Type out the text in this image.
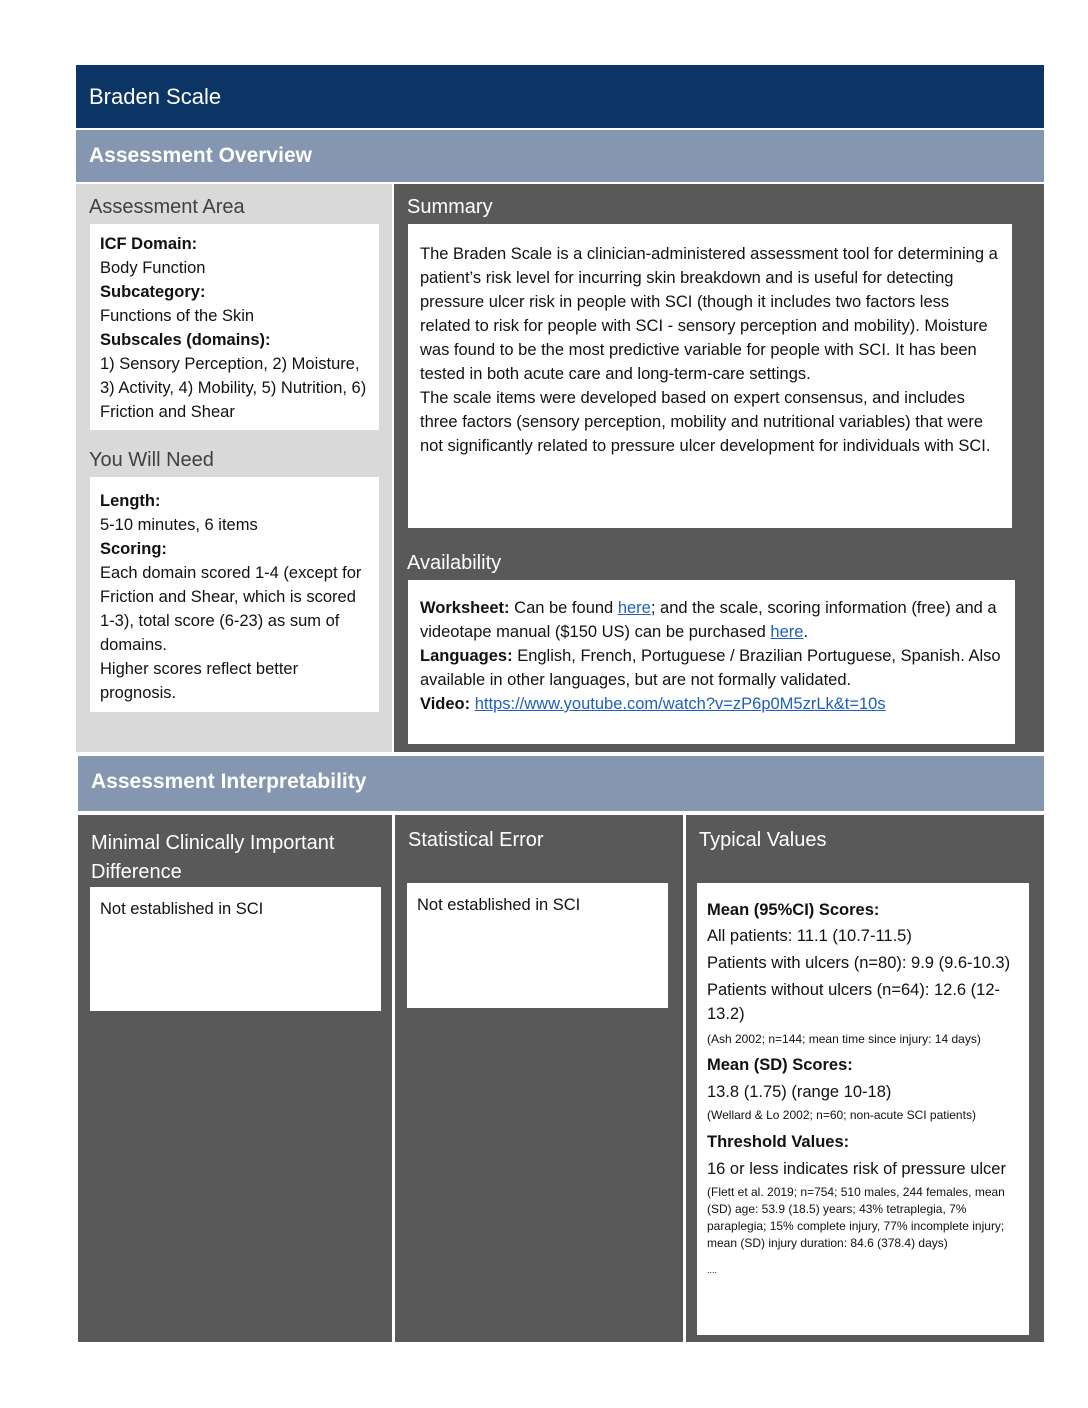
Braden Scale
Assessment Overview
Assessment Area

ICF Domain:

Body Function

Subcategory:

Functions of the Skin

Subscales (domains):

1) Sensory Perception, 2) Moisture, 3) Activity, 4) Mobility, 5) Nutrition, 6) Friction and Shear

You Will Need

Length:

5-10 minutes, 6 items

Scoring:

Each domain scored 1-4 (except for Friction and Shear, which is scored 1-3), total score (6-23) as sum of domains.

Higher scores reflect better prognosis.

Summary

The Braden Scale is a clinician-administered assessment tool for determining a patient’s risk level for incurring skin breakdown and is useful for detecting pressure ulcer risk in people with SCI (though it includes two factors less related to risk for people with SCI - sensory perception and mobility). Moisture was found to be the most predictive variable for people with SCI. It has been tested in both acute care and long-term-care settings.

The scale items were developed based on expert consensus, and includes three factors (sensory perception, mobility and nutritional variables) that were not significantly related to pressure ulcer development for individuals with SCI.

Availability

Worksheet: Can be found here; and the scale, scoring information (free) and a videotape manual ($150 US) can be purchased here.

Languages: English, French, Portuguese / Brazilian Portuguese, Spanish. Also available in other languages, but are not formally validated.

Video: https://www.youtube.com/watch?v=zP6p0M5zrLk&t=10s

Assessment Interpretability
Minimal Clinically Important Difference

Not established in SCI

Statistical Error

Not established in SCI

Typical Values

Mean (95%CI) Scores:

All patients: 11.1 (10.7-11.5)

Patients with ulcers (n=80): 9.9 (9.6-10.3)

Patients without ulcers (n=64): 12.6 (12-13.2)

(Ash 2002; n=144; mean time since injury: 14 days)

Mean (SD) Scores:

13.8 (1.75) (range 10-18)

(Wellard & Lo 2002; n=60; non-acute SCI patients)

Threshold Values:

16 or less indicates risk of pressure ulcer

(Flett et al. 2019; n=754; 510 males, 244 females, mean (SD) age: 53.9 (18.5) years; 43% tetraplegia, 7% paraplegia; 15% complete injury, 77% incomplete injury; mean (SD) injury duration: 84.6 (378.4) days)

....
